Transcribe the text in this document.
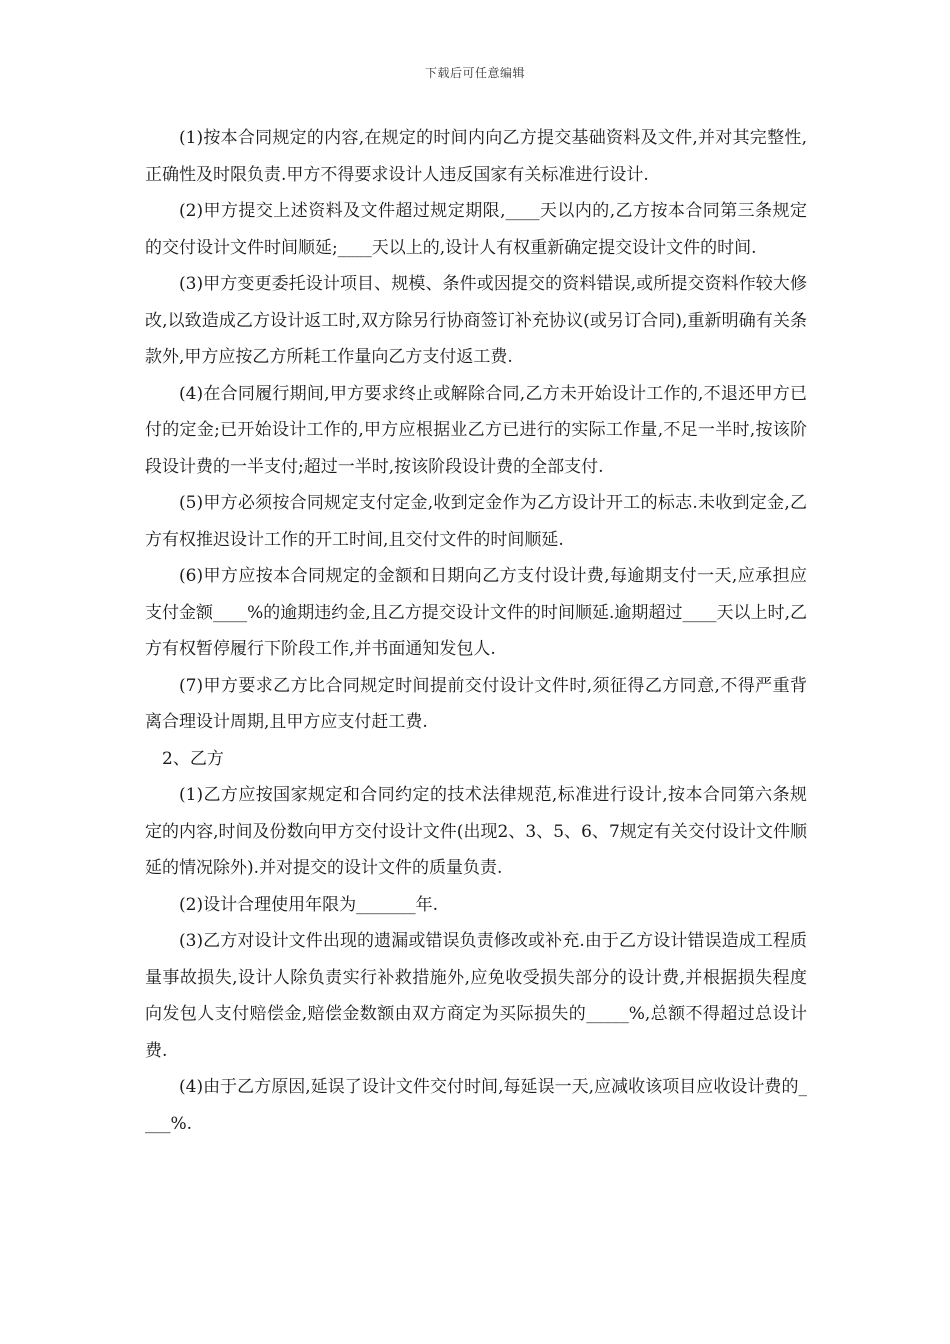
下载后可任意编辑

(1)按本合同规定的内容,在规定的时间内向乙方提交基础资料及文件,并对其完整性,正确性及时限负责.甲方不得要求设计人违反国家有关标准进行设计.

(2)甲方提交上述资料及文件超过规定期限,____天以内的,乙方按本合同第三条规定的交付设计文件时间顺延;____天以上的,设计人有权重新确定提交设计文件的时间.

(3)甲方变更委托设计项目、规模、条件或因提交的资料错误,或所提交资料作较大修改,以致造成乙方设计返工时,双方除另行协商签订补充协议(或另订合同),重新明确有关条款外,甲方应按乙方所耗工作量向乙方支付返工费.

(4)在合同履行期间,甲方要求终止或解除合同,乙方未开始设计工作的,不退还甲方已付的定金;已开始设计工作的,甲方应根据业乙方已进行的实际工作量,不足一半时,按该阶段设计费的一半支付;超过一半时,按该阶段设计费的全部支付.

(5)甲方必须按合同规定支付定金,收到定金作为乙方设计开工的标志.未收到定金,乙方有权推迟设计工作的开工时间,且交付文件的时间顺延.

(6)甲方应按本合同规定的金额和日期向乙方支付设计费,每逾期支付一天,应承担应支付金额____%的逾期违约金,且乙方提交设计文件的时间顺延.逾期超过____天以上时,乙方有权暂停履行下阶段工作,并书面通知发包人.

(7)甲方要求乙方比合同规定时间提前交付设计文件时,须征得乙方同意,不得严重背离合理设计周期,且甲方应支付赶工费.

2、乙方

(1)乙方应按国家规定和合同约定的技术法律规范,标准进行设计,按本合同第六条规定的内容,时间及份数向甲方交付设计文件(出现2、3、5、6、7规定有关交付设计文件顺延的情况除外).并对提交的设计文件的质量负责.

(2)设计合理使用年限为_______年.

(3)乙方对设计文件出现的遗漏或错误负责修改或补充.由于乙方设计错误造成工程质量事故损失,设计人除负责实行补救措施外,应免收受损失部分的设计费,并根据损失程度向发包人支付赔偿金,赔偿金数额由双方商定为买际损失的_____%,总额不得超过总设计费.

(4)由于乙方原因,延误了设计文件交付时间,每延误一天,应减收该项目应收设计费的____%.
